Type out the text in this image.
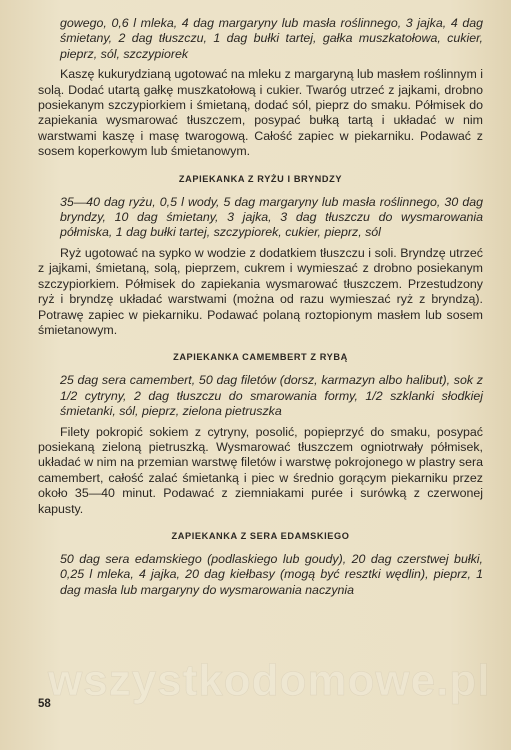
gowego, 0,6 l mleka, 4 dag margaryny lub masła roślinnego, 3 jajka, 4 dag śmietany, 2 dag tłuszczu, 1 dag bułki tartej, gałka muszkatołowa, cukier, pieprz, sól, szczypiorek

Kaszę kukurydzianą ugotować na mleku z margaryną lub masłem roślinnym i solą. Dodać utartą gałkę muszkatołową i cukier. Twaróg utrzeć z jajkami, drobno posiekanym szczypiorkiem i śmietaną, dodać sól, pieprz do smaku. Półmisek do zapiekania wysmarować tłuszczem, posypać bułką tartą i układać w nim warstwami kaszę i masę twarogową. Całość zapiec w piekarniku. Podawać z sosem koperkowym lub śmietanowym.

ZAPIEKANKA Z RYŻU I BRYNDZY

35—40 dag ryżu, 0,5 l wody, 5 dag margaryny lub masła roślinnego, 30 dag bryndzy, 10 dag śmietany, 3 jajka, 3 dag tłuszczu do wysmarowania półmiska, 1 dag bułki tartej, szczypiorek, cukier, pieprz, sól

Ryż ugotować na sypko w wodzie z dodatkiem tłuszczu i soli. Bryndzę utrzeć z jajkami, śmietaną, solą, pieprzem, cukrem i wymieszać z drobno posiekanym szczypiorkiem. Półmisek do zapiekania wysmarować tłuszczem. Przestudzony ryż i bryndzę układać warstwami (można od razu wymieszać ryż z bryndzą). Potrawę zapiec w piekarniku. Podawać polaną roztopionym masłem lub sosem śmietanowym.

ZAPIEKANKA CAMEMBERT Z RYBĄ

25 dag sera camembert, 50 dag filetów (dorsz, karmazyn albo halibut), sok z 1/2 cytryny, 2 dag tłuszczu do smarowania formy, 1/2 szklanki słodkiej śmietanki, sól, pieprz, zielona pietruszka

Filety pokropić sokiem z cytryny, posolić, popieprzyć do smaku, posypać posiekaną zieloną pietruszką. Wysmarować tłuszczem ogniotrwały półmisek, układać w nim na przemian warstwę filetów i warstwę pokrojonego w plastry sera camembert, całość zalać śmietanką i piec w średnio gorącym piekarniku przez około 35—40 minut. Podawać z ziemniakami purée i surówką z czerwonej kapusty.

ZAPIEKANKA Z SERA EDAMSKIEGO

50 dag sera edamskiego (podlaskiego lub goudy), 20 dag czerstwej bułki, 0,25 l mleka, 4 jajka, 20 dag kiełbasy (mogą być resztki wędlin), pieprz, 1 dag masła lub margaryny do wysmarowania naczynia

wszystkodomowe.pl
58
